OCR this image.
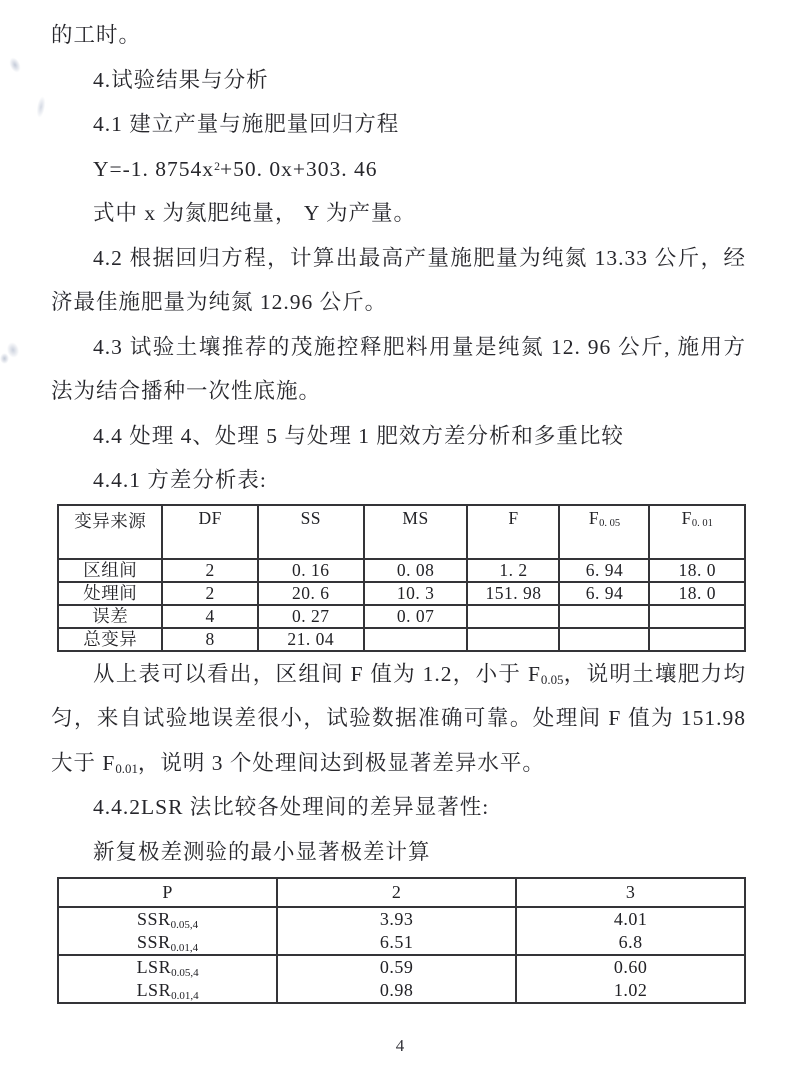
的工时。
4.试验结果与分析
4.1 建立产量与施肥量回归方程
Y=-1. $8754x^2+50$. 0x+303. 46
式中 x 为氮肥纯量， Y 为产量。
4.2 根据回归方程，计算出最高产量施肥量为纯氮 13.33 公斤，经
济最佳施肥量为纯氮 12.96 公斤。
4.3 试验土壤推荐的茂施控释肥料用量是纯氮 12. 96 公斤, 施用方
法为结合播种一次性底施。
4.4 处理 4、处理 5 与处理 1 肥效方差分析和多重比较
4.4.1 方差分析表:
变异来源	DF	SS	MS	F	$F_{0. 05}$	$F_{0. 01}$
区组间	2	0. 16	0. 08	1. 2	6. 94	18. 0
处理间	2	20. 6	10. 3	151. 98	6. 94	18. 0
误差	4	0. 27	0. 07			
总变异	8	21. 04				
从上表可以看出，区组间 F 值为 1.2，小于 $F_{0.05}$，说明土壤肥力均
匀，来自试验地误差很小，试验数据准确可靠。处理间 F 值为 151.98
大于 $F_{0.01}$，说明 3 个处理间达到极显著差异水平。
4.4.2LSR 法比较各处理间的差异显著性:
新复极差测验的最小显著极差计算
P	2	3
$SSR_{0.05,4}$	3.93	4.01
$SSR_{0.01,4}$	6.51	6.8
$LSR_{0.05,4}$	0.59	0.60
$LSR_{0.01,4}$	0.98	1.02
4
